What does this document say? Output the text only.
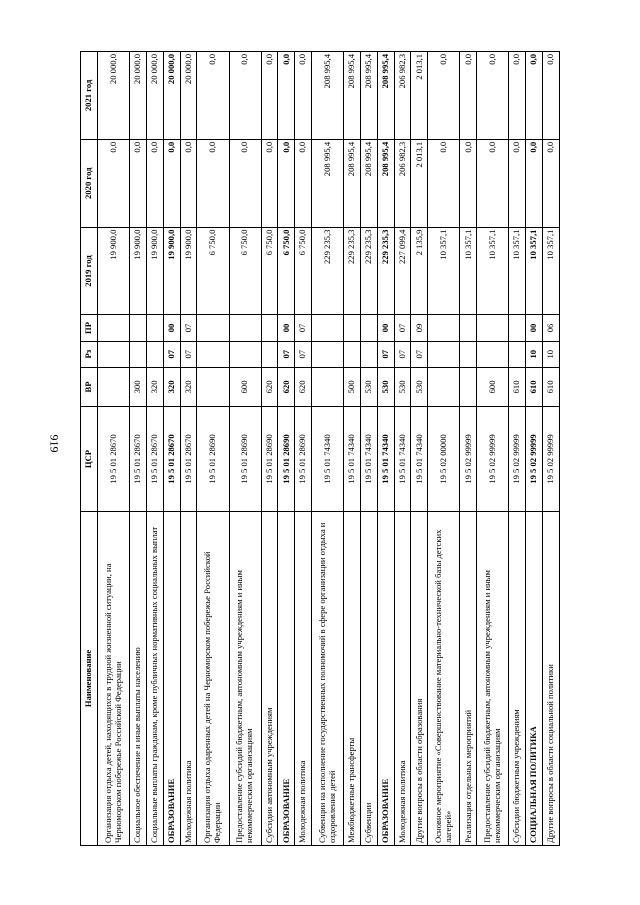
919
Наименование	ЦСР	ВР	Рз	ПР	2019 год	2020 год	2021 год
Организация отдыха детей, находящихся в трудной жизненной ситуации, на Черноморском побережье Российской Федерации	19 5 01 28670				19 900,0	0,0	20 000,0
Социальное обеспечение и иные выплаты населению	19 5 01 28670	300			19 900,0	0,0	20 000,0
Социальные выплаты гражданам, кроме публичных нормативных социальных выплат	19 5 01 28670	320			19 900,0	0,0	20 000,0
ОБРАЗОВАНИЕ	19 5 01 28670	320	07	00	19 900,0	0,0	20 000,0
Молодежная политика	19 5 01 28670	320	07	07	19 900,0	0,0	20 000,0
Организация отдыха одаренных детей на Черноморском побережье Российской Федерации	19 5 01 28690				6 750,0	0,0	0,0
Предоставление субсидий бюджетным, автономным учреждениям и иным некоммерческим организациям	19 5 01 28690	600			6 750,0	0,0	0,0
Субсидии автономным учреждениям	19 5 01 28690	620			6 750,0	0,0	0,0
ОБРАЗОВАНИЕ	19 5 01 28690	620	07	00	6 750,0	0,0	0,0
Молодежная политика	19 5 01 28690	620	07	07	6 750,0	0,0	0,0
Субвенции на исполнение государственных полномочий в сфере организации отдыха и оздоровления детей	19 5 01 74340				229 235,3	208 995,4	208 995,4
Межбюджетные трансферты	19 5 01 74340	500			229 235,3	208 995,4	208 995,4
Субвенции	19 5 01 74340	530			229 235,3	208 995,4	208 995,4
ОБРАЗОВАНИЕ	19 5 01 74340	530	07	00	229 235,3	208 995,4	208 995,4
Молодежная политика	19 5 01 74340	530	07	07	227 099,4	206 982,3	206 982,3
Другие вопросы в области образования	19 5 01 74340	530	07	09	2 135,9	2 013,1	2 013,1
Основное мероприятие «Совершенствование материально-технической базы детских лагерей»	19 5 02 00000				10 357,1	0,0	0,0
Реализация отдельных мероприятий	19 5 02 99999				10 357,1	0,0	0,0
Предоставление субсидий бюджетным, автономным учреждениям и иным некоммерческим организациям	19 5 02 99999	600			10 357,1	0,0	0,0
Субсидии бюджетным учреждениям	19 5 02 99999	610			10 357,1	0,0	0,0
СОЦИАЛЬНАЯ ПОЛИТИКА	19 5 02 99999	610	10	00	10 357,1	0,0	0,0
Другие вопросы в области социальной политики	19 5 02 99999	610	10	06	10 357,1	0,0	0,0
